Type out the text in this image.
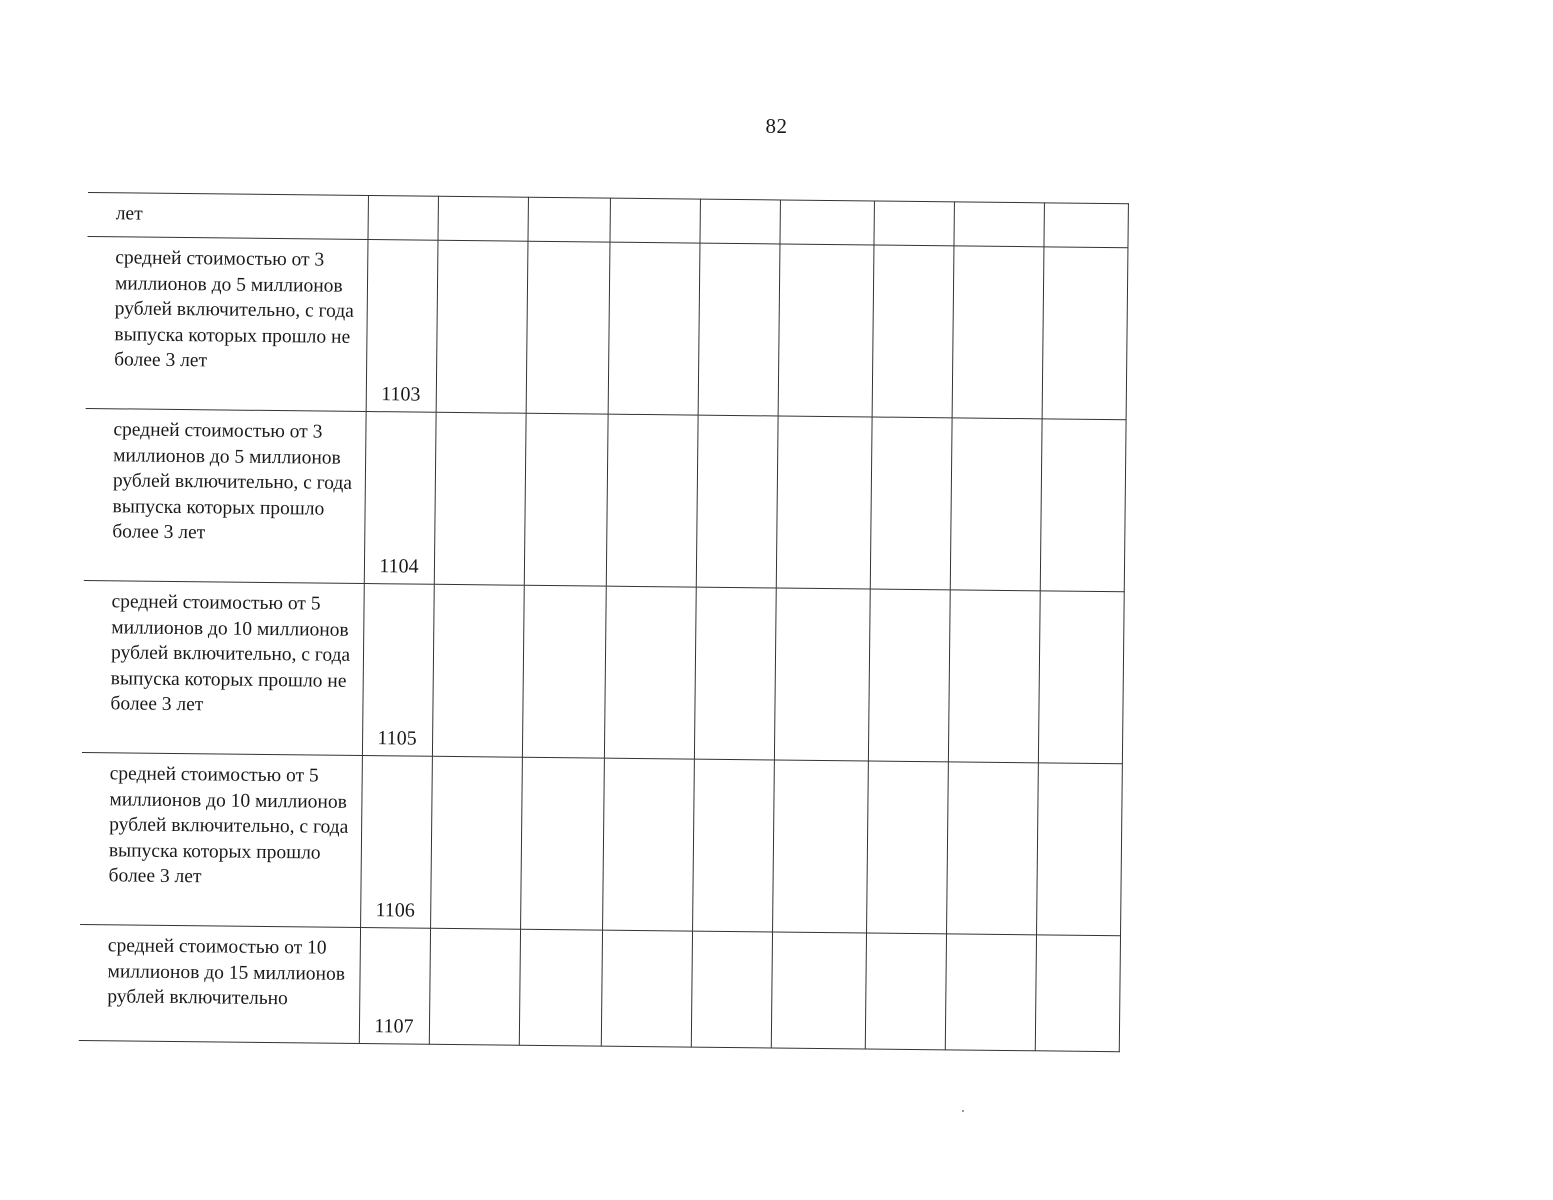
82
лет									
средней стоимостью от 3 миллионов до 5 миллионов рублей включительно, с года выпуска которых прошло не более 3 лет	1103								
средней стоимостью от 3 миллионов до 5 миллионов рублей включительно, с года выпуска которых прошло более 3 лет	1104								
средней стоимостью от 5 миллионов до 10 миллионов рублей включительно, с года выпуска которых прошло не более 3 лет	1105								
средней стоимостью от 5 миллионов до 10 миллионов рублей включительно, с года выпуска которых прошло более 3 лет	1106								
средней стоимостью от 10 миллионов до 15 миллионов рублей включительно	1107								
